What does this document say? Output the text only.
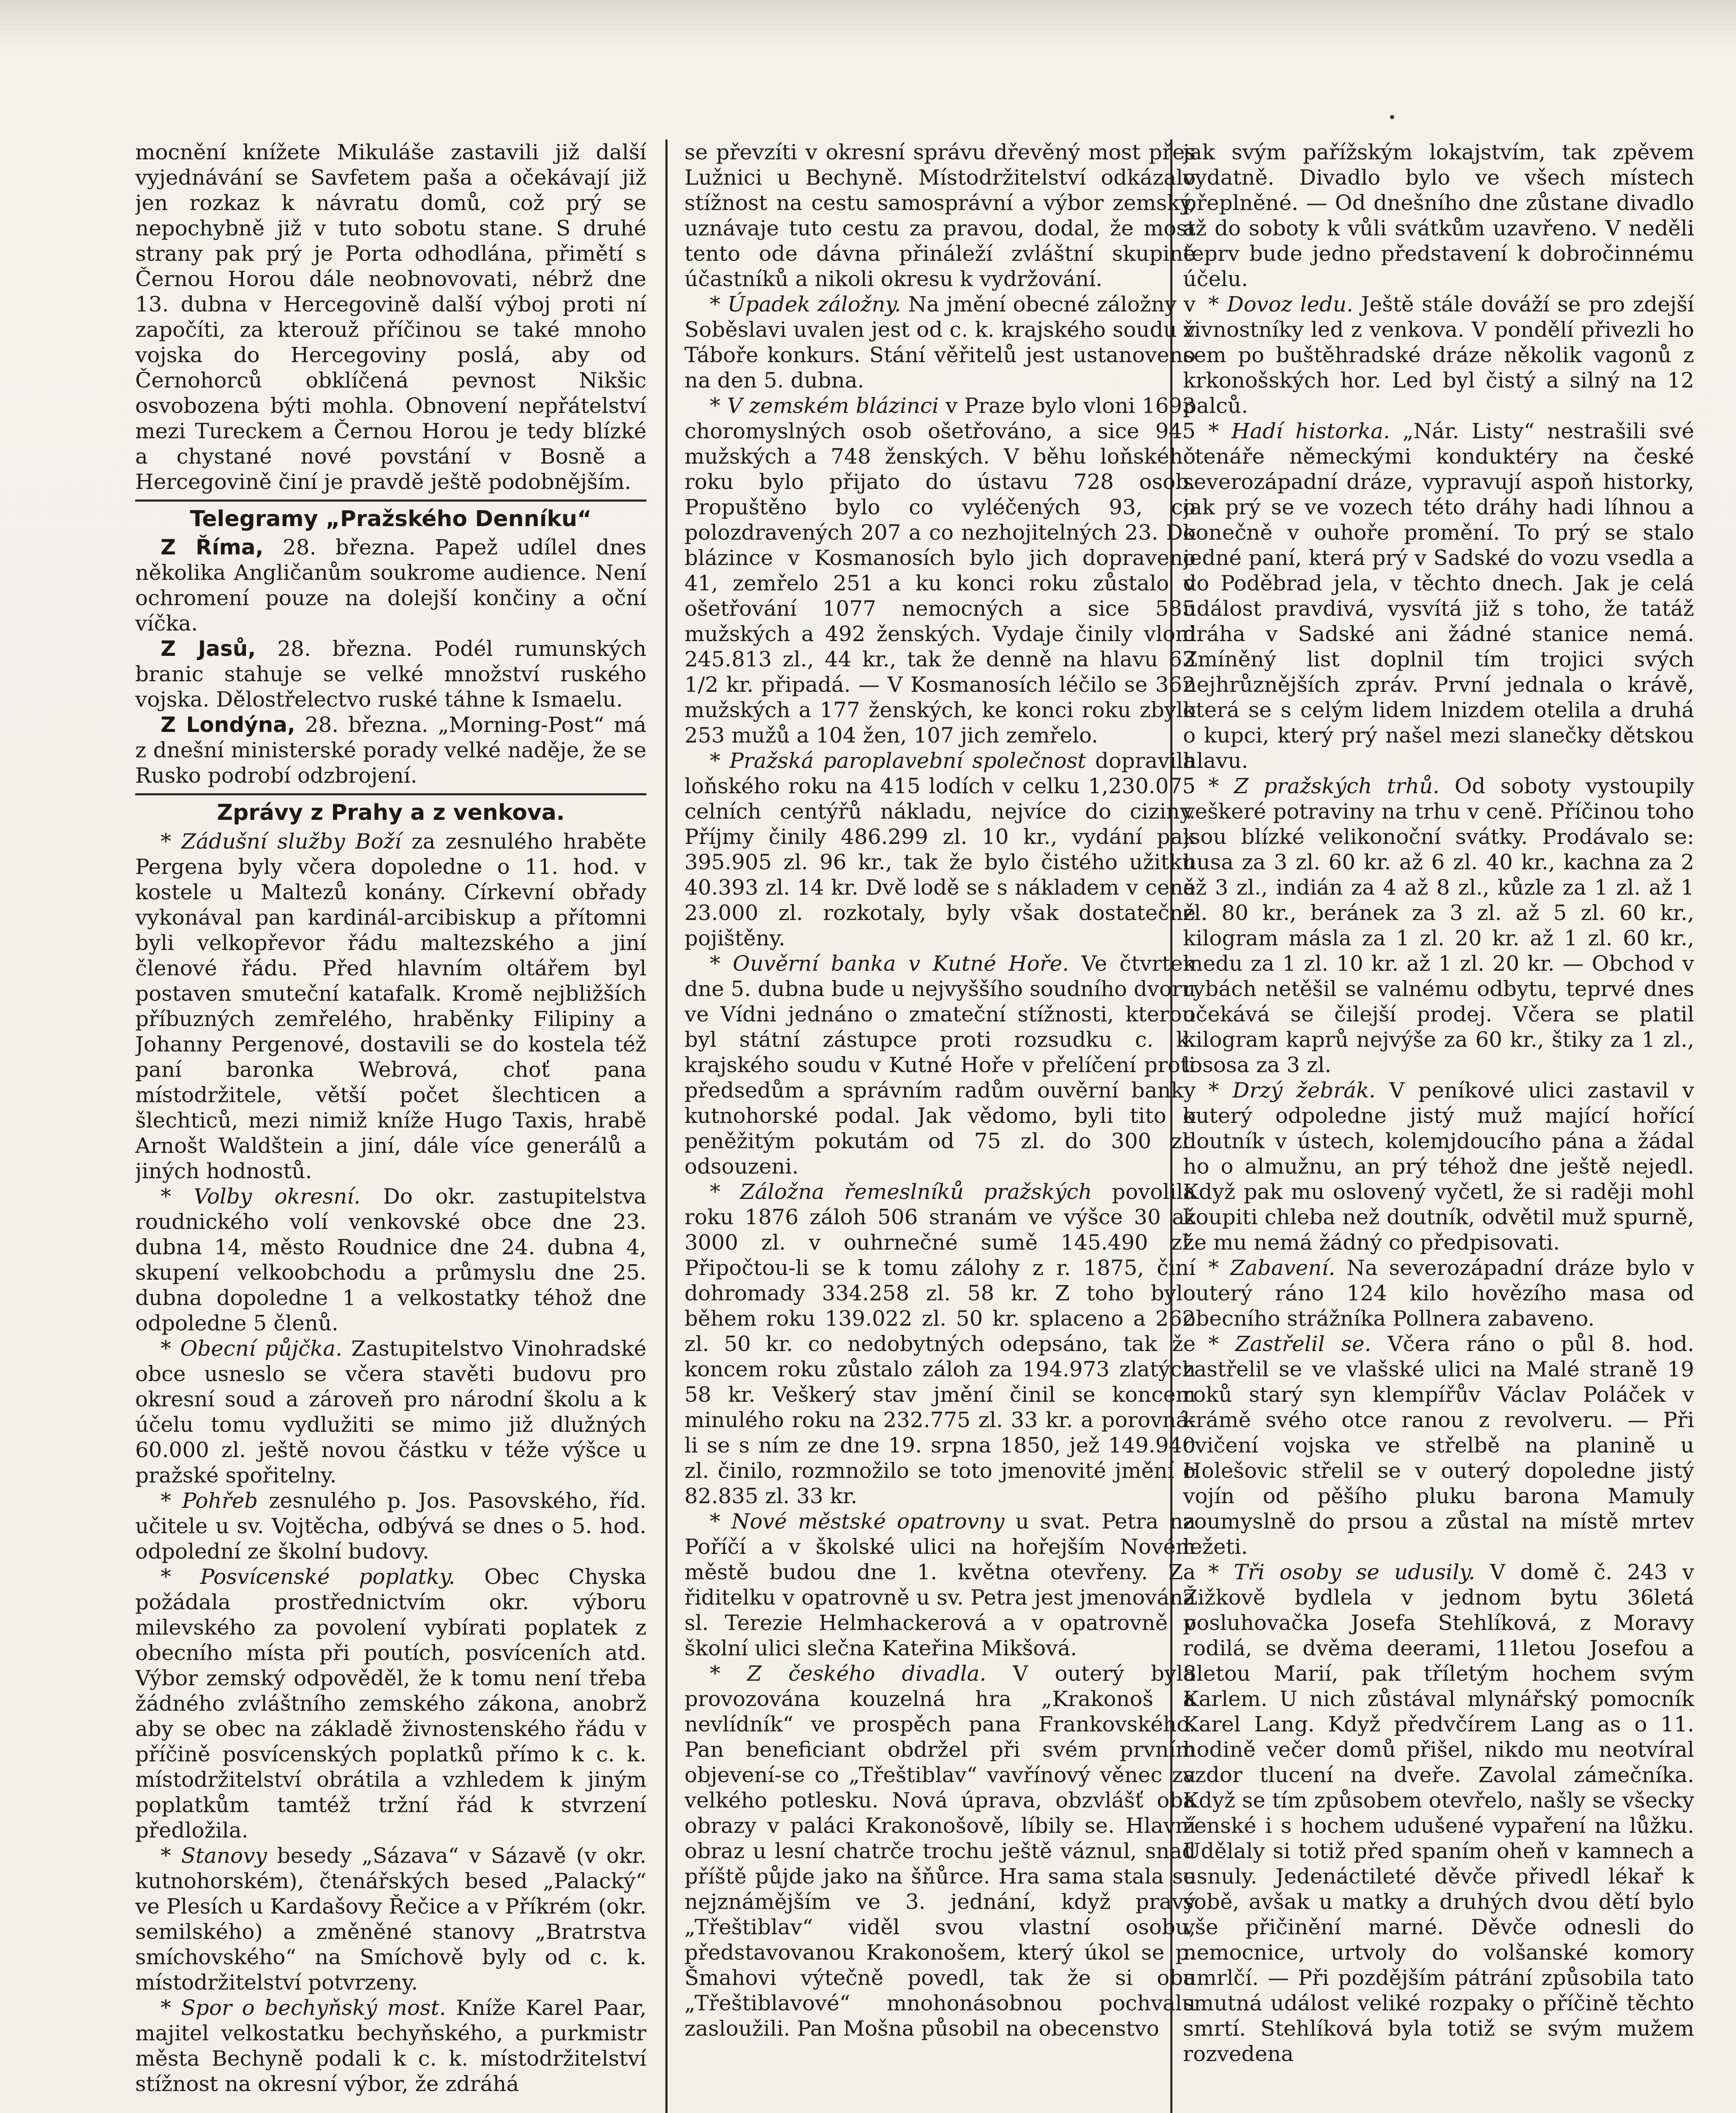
mocnění knížete Mikuláše zastavili již další vyjednávání se Savfetem paša a očekávají již jen rozkaz k návratu domů, což prý se nepochybně již v tuto sobotu stane. S druhé strany pak prý je Porta odhodlána, přimětí s Černou Horou dále neobnovovati, nébrž dne 13. dubna v Hercegovině další výboj proti ní započíti, za kterouž příčinou se také mnoho vojska do Hercegoviny poslá, aby od Černohorců obklíčená pevnost Nikšic osvobozena býti mohla. Obnovení nepřátelství mezi Tureckem a Černou Horou je tedy blízké a chystané nové povstání v Bosně a Hercegovině činí je pravdě ještě podobnějším.

Telegramy „Pražského Denníku“

Z Říma, 28. března. Papež udílel dnes několika Angličanům soukrome audience. Není ochromení pouze na dolejší končiny a oční víčka.

Z Jasů, 28. března. Podél rumunských branic stahuje se velké množství ruského vojska. Dělostřelectvo ruské táhne k Ismaelu.

Z Londýna, 28. března. „Morning-Post“ má z dnešní ministerské porady velké naděje, že se Rusko podrobí odzbrojení.

Zprávy z Prahy a z venkova.

* Zádušní služby Boží za zesnulého hraběte Pergena byly včera dopoledne o 11. hod. v kostele u Maltezů konány. Církevní obřady vykonával pan kardinál-arcibiskup a přítomni byli velkopřevor řádu maltezského a jiní členové řádu. Před hlavním oltářem byl postaven smuteční katafalk. Kromě nejbližších příbuzných zemřelého, hraběnky Filipiny a Johanny Pergenové, dostavili se do kostela též paní baronka Webrová, choť pana místodržitele, větší počet šlechticen a šlechticů, mezi nimiž kníže Hugo Taxis, hrabě Arnošt Waldštein a jiní, dále více generálů a jiných hodnostů.

* Volby okresní. Do okr. zastupitelstva roudnického volí venkovské obce dne 23. dubna 14, město Roudnice dne 24. dubna 4, skupení velkoobchodu a průmyslu dne 25. dubna dopoledne 1 a velkostatky téhož dne odpoledne 5 členů.

* Obecní půjčka. Zastupitelstvo Vinohradské obce usneslo se včera stavěti budovu pro okresní soud a zároveň pro národní školu a k účelu tomu vydlužiti se mimo již dlužných 60.000 zl. ještě novou částku v téže výšce u pražské spořitelny.

* Pohřeb zesnulého p. Jos. Pasovského, říd. učitele u sv. Vojtěcha, odbývá se dnes o 5. hod. odpolední ze školní budovy.

* Posvícenské poplatky. Obec Chyska požádala prostřednictvím okr. výboru milevského za povolení vybírati poplatek z obecního místa při poutích, posvíceních atd. Výbor zemský odpověděl, že k tomu není třeba žádného zvláštního zemského zákona, anobrž aby se obec na základě živnostenského řádu v příčině posvícenských poplatků přímo k c. k. místodržitelství obrátila a vzhledem k jiným poplatkům tamtéž tržní řád k stvrzení předložila.

* Stanovy besedy „Sázava“ v Sázavě (v okr. kutnohorském), čtenářských besed „Palacký“ ve Plesích u Kardašovy Řečice a v Příkrém (okr. semilského) a změněné stanovy „Bratrstva smíchovského“ na Smíchově byly od c. k. místodržitelství potvrzeny.

* Spor o bechyňský most. Kníže Karel Paar, majitel velkostatku bechyňského, a purkmistr města Bechyně podali k c. k. místodržitelství stížnost na okresní výbor, že zdráhá

se převzíti v okresní správu dřevěný most přes Lužnici u Bechyně. Místodržitelství odkázalo stížnost na cestu samosprávní a výbor zemský, uznávaje tuto cestu za pravou, dodal, že most tento ode dávna přináleží zvláštní skupině účastníků a nikoli okresu k vydržování.

* Úpadek záložny. Na jmění obecné záložny v Soběslavi uvalen jest od c. k. krajského soudu v Táboře konkurs. Stání věřitelů jest ustanoveno na den 5. dubna.

* V zemském blázinci v Praze bylo vloni 1693 choromyslných osob ošetřováno, a sice 945 mužských a 748 ženských. V běhu loňského roku bylo přijato do ústavu 728 osob. Propuštěno bylo co vyléčených 93, co polozdravených 207 a co nezhojitelných 23. Do blázince v Kosmanosích bylo jich dopraveno 41, zemřelo 251 a ku konci roku zůstalo v ošetřování 1077 nemocných a sice 585 mužských a 492 ženských. Vydaje činily vloni 245.813 zl., 44 kr., tak že denně na hlavu 63 1/2 kr. připadá. — V Kosmanosích léčilo se 362 mužských a 177 ženských, ke konci roku zbylo 253 mužů a 104 žen, 107 jich zemřelo.

* Pražská paroplavební společnost dopravila loňského roku na 415 lodích v celku 1,230.075 celních centýřů nákladu, nejvíce do ciziny. Příjmy činily 486.299 zl. 10 kr., vydání pak 395.905 zl. 96 kr., tak že bylo čistého užitku 40.393 zl. 14 kr. Dvě lodě se s nákladem v ceně 23.000 zl. rozkotaly, byly však dostatečně pojištěny.

* Ouvěrní banka v Kutné Hoře. Ve čtvrtek dne 5. dubna bude u nejvyššího soudního dvoru ve Vídni jednáno o zmateční stížnosti, kterou byl státní zástupce proti rozsudku c. k. krajského soudu v Kutné Hoře v přelíčení proti předsedům a správním radům ouvěrní banky kutnohorské podal. Jak vědomo, byli tito k peněžitým pokutám od 75 zl. do 300 zl. odsouzeni.

* Záložna řemeslníků pražských povolila roku 1876 záloh 506 stranám ve výšce 30 až 3000 zl. v ouhrnečné sumě 145.490 zl. Připočtou-li se k tomu zálohy z r. 1875, činí dohromady 334.258 zl. 58 kr. Z toho bylo během roku 139.022 zl. 50 kr. splaceno a 262 zl. 50 kr. co nedobytných odepsáno, tak že koncem roku zůstalo záloh za 194.973 zlatých 58 kr. Veškerý stav jmění činil se koncem minulého roku na 232.775 zl. 33 kr. a porovná-li se s ním ze dne 19. srpna 1850, jež 149.940 zl. činilo, rozmnožilo se toto jmenovité jmění o 82.835 zl. 33 kr.

* Nové městské opatrovny u svat. Petra na Poříčí a v školské ulici na hořejším Novém městě budou dne 1. května otevřeny. Za řiditelku v opatrovně u sv. Petra jest jmenována sl. Terezie Helmhackerová a v opatrovně v školní ulici slečna Kateřina Mikšová.

* Z českého divadla. V outerý byla provozována kouzelná hra „Krakonoš a nevlídník“ ve prospěch pana Frankovského. Pan beneficiant obdržel při svém prvním objevení-se co „Třeštiblav“ vavřínový věnec za velkého potlesku. Nová úprava, obzvlášť oba obrazy v paláci Krakonošově, líbily se. Hlavní obraz u lesní chatrče trochu ještě váznul, snad příště půjde jako na šňůrce. Hra sama stala se nejznámějším ve 3. jednání, když pravý „Třeštiblav“ viděl svou vlastní osobu, představovanou Krakonošem, který úkol se p. Šmahovi výtečně povedl, tak že si oba „Třeštiblavové“ mnohonásobnou pochvalu zasloužili. Pan Mošna působil na obecenstvo

jak svým pařížským lokajstvím, tak zpěvem vydatně. Divadlo bylo ve všech místech přeplněné. — Od dnešního dne zůstane divadlo až do soboty k vůli svátkům uzavřeno. V neděli teprv bude jedno představení k dobročinnému účelu.

* Dovoz ledu. Ještě stále dováží se pro zdejší živnostníky led z venkova. V pondělí přivezli ho sem po buštěhradské dráze několik vagonů z krkonošských hor. Led byl čistý a silný na 12 palců.

* Hadí historka. „Nár. Listy“ nestrašili své čtenáře německými konduktéry na české severozápadní dráze, vypravují aspoň historky, jak prý se ve vozech této dráhy hadi líhnou a konečně v ouhoře promění. To prý se stalo jedné paní, která prý v Sadské do vozu vsedla a do Poděbrad jela, v těchto dnech. Jak je celá událost pravdivá, vysvítá již s toho, že tatáž dráha v Sadské ani žádné stanice nemá. Zmíněný list doplnil tím trojici svých nejhrůznějších zpráv. První jednala o krávě, která se s celým lidem lnizdem otelila a druhá o kupci, který prý našel mezi slanečky dětskou hlavu.

* Z pražských trhů. Od soboty vystoupily veškeré potraviny na trhu v ceně. Příčinou toho jsou blízké velikonoční svátky. Prodávalo se: husa za 3 zl. 60 kr. až 6 zl. 40 kr., kachna za 2 až 3 zl., indián za 4 až 8 zl., kůzle za 1 zl. až 1 zl. 80 kr., beránek za 3 zl. až 5 zl. 60 kr., kilogram másla za 1 zl. 20 kr. až 1 zl. 60 kr., medu za 1 zl. 10 kr. až 1 zl. 20 kr. — Obchod v rybách netěšil se valnému odbytu, teprvé dnes očekává se čilejší prodej. Včera se platil kilogram kaprů nejvýše za 60 kr., štiky za 1 zl., lososa za 3 zl.

* Drzý žebrák. V peníkové ulici zastavil v outerý odpoledne jistý muž mající hořící doutník v ústech, kolemjdoucího pána a žádal ho o almužnu, an prý téhož dne ještě nejedl. Když pak mu oslovený vyčetl, že si raději mohl koupiti chleba než doutník, odvětil muž spurně, že mu nemá žádný co předpisovati.

* Zabavení. Na severozápadní dráze bylo v outerý ráno 124 kilo hovězího masa od obecního strážníka Pollnera zabaveno.

* Zastřelil se. Včera ráno o půl 8. hod. zastřelil se ve vlašské ulici na Malé straně 19 roků starý syn klempířův Václav Poláček v krámě svého otce ranou z revolveru. — Při cvičení vojska ve střelbě na planině u Holešovic střelil se v outerý dopoledne jistý vojín od pěšího pluku barona Mamuly zoumyslně do prsou a zůstal na místě mrtev ležeti.

* Tři osoby se udusily. V domě č. 243 v Žižkově bydlela v jednom bytu 36letá posluhovačka Josefa Stehlíková, z Moravy rodilá, se dvěma deerami, 11letou Josefou a 8letou Marií, pak tříletým hochem svým Karlem. U nich zůstával mlynářský pomocník Karel Lang. Když předvčírem Lang as o 11. hodině večer domů přišel, nikdo mu neotvíral vzdor tlucení na dveře. Zavolal zámečníka. Když se tím způsobem otevřelo, našly se všecky ženské i s hochem udušené vypaření na lůžku. Udělaly si totiž před spaním oheň v kamnech a usnuly. Jedenáctileté děvče přivedl lékař k sobě, avšak u matky a druhých dvou dětí bylo vše přičinění marné. Děvče odnesli do nemocnice, urtvoly do volšanské komory umrlčí. — Při pozdějším pátrání způsobila tato smutná událost veliké rozpaky o příčině těchto smrtí. Stehlíková byla totiž se svým mužem rozvedena
